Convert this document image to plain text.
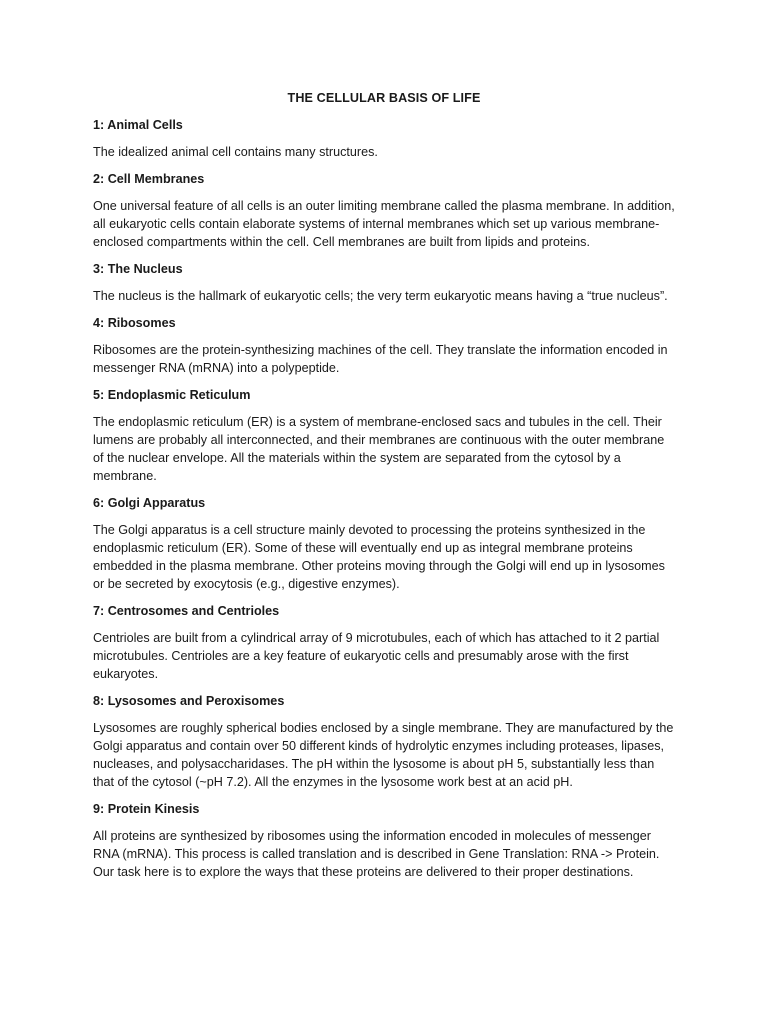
THE CELLULAR BASIS OF LIFE
1: Animal Cells
The idealized animal cell contains many structures.
2: Cell Membranes
One universal feature of all cells is an outer limiting membrane called the plasma membrane. In addition, all eukaryotic cells contain elaborate systems of internal membranes which set up various membrane-enclosed compartments within the cell. Cell membranes are built from lipids and proteins.
3: The Nucleus
The nucleus is the hallmark of eukaryotic cells; the very term eukaryotic means having a “true nucleus”.
4: Ribosomes
Ribosomes are the protein-synthesizing machines of the cell. They translate the information encoded in messenger RNA (mRNA) into a polypeptide.
5: Endoplasmic Reticulum
The endoplasmic reticulum (ER) is a system of membrane-enclosed sacs and tubules in the cell. Their lumens are probably all interconnected, and their membranes are continuous with the outer membrane of the nuclear envelope. All the materials within the system are separated from the cytosol by a membrane.
6: Golgi Apparatus
The Golgi apparatus is a cell structure mainly devoted to processing the proteins synthesized in the endoplasmic reticulum (ER). Some of these will eventually end up as integral membrane proteins embedded in the plasma membrane. Other proteins moving through the Golgi will end up in lysosomes or be secreted by exocytosis (e.g., digestive enzymes).
7: Centrosomes and Centrioles
Centrioles are built from a cylindrical array of 9 microtubules, each of which has attached to it 2 partial microtubules. Centrioles are a key feature of eukaryotic cells and presumably arose with the first eukaryotes.
8: Lysosomes and Peroxisomes
Lysosomes are roughly spherical bodies enclosed by a single membrane. They are manufactured by the Golgi apparatus and contain over 50 different kinds of hydrolytic enzymes including proteases, lipases, nucleases, and polysaccharidases. The pH within the lysosome is about pH 5, substantially less than that of the cytosol (~pH 7.2). All the enzymes in the lysosome work best at an acid pH.
9: Protein Kinesis
All proteins are synthesized by ribosomes using the information encoded in molecules of messenger RNA (mRNA). This process is called translation and is described in Gene Translation: RNA -> Protein. Our task here is to explore the ways that these proteins are delivered to their proper destinations.
